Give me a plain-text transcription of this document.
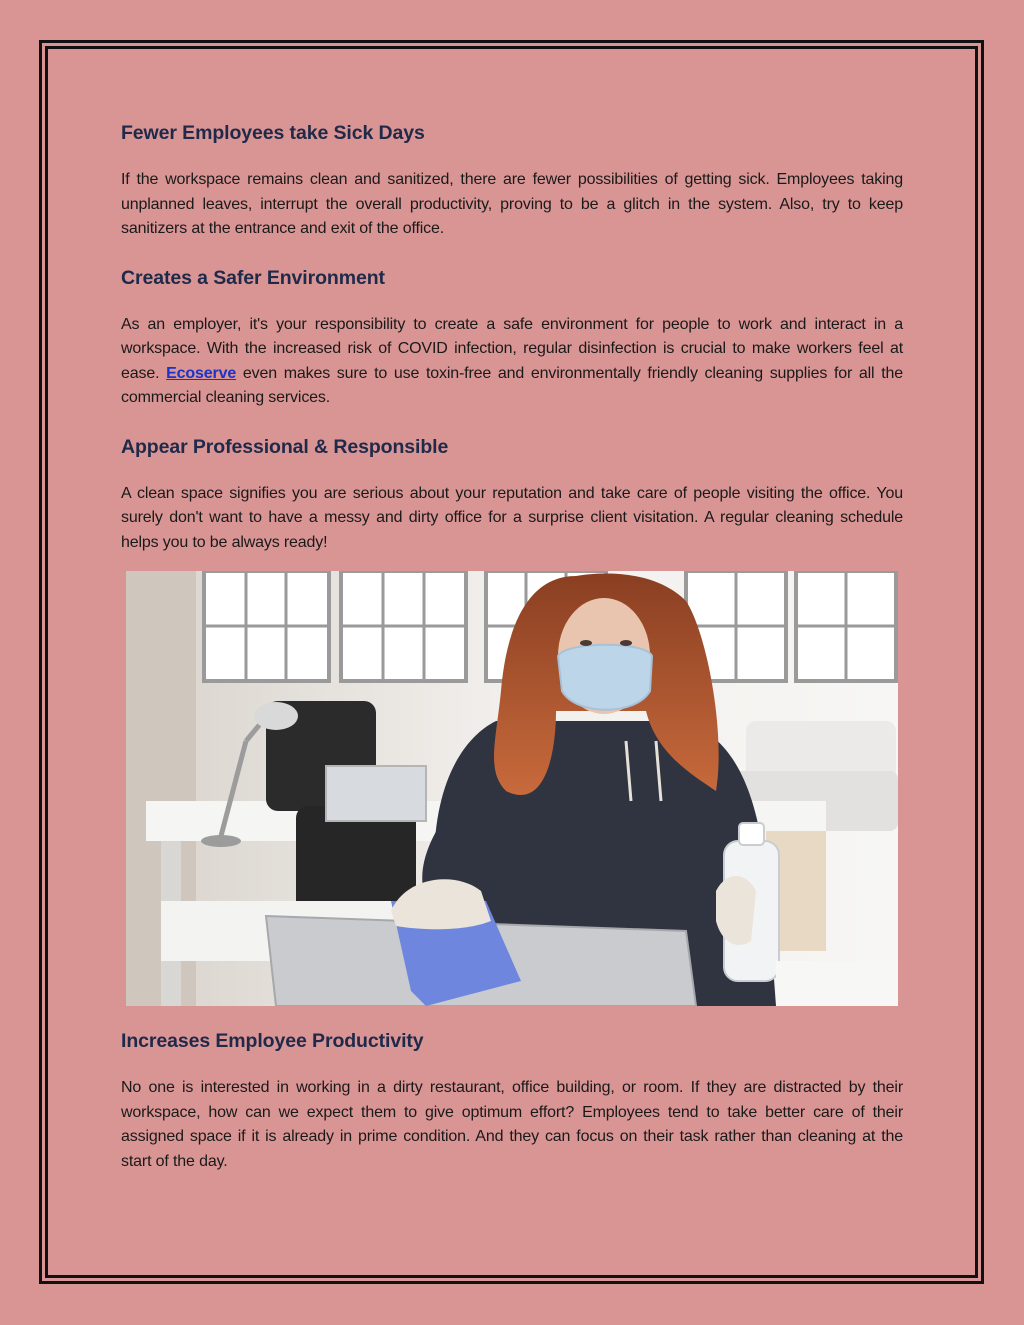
Fewer Employees take Sick Days

If the workspace remains clean and sanitized, there are fewer possibilities of getting sick. Employees taking unplanned leaves, interrupt the overall productivity, proving to be a glitch in the system. Also, try to keep sanitizers at the entrance and exit of the office.

Creates a Safer Environment

As an employer, it's your responsibility to create a safe environment for people to work and interact in a workspace. With the increased risk of COVID infection, regular disinfection is crucial to make workers feel at ease. Ecoserve even makes sure to use toxin-free and environmentally friendly cleaning supplies for all the commercial cleaning services.

Appear Professional & Responsible

A clean space signifies you are serious about your reputation and take care of people visiting the office. You surely don't want to have a messy and dirty office for a surprise client visitation. A regular cleaning schedule helps you to be always ready!

Increases Employee Productivity

No one is interested in working in a dirty restaurant, office building, or room. If they are distracted by their workspace, how can we expect them to give optimum effort? Employees tend to take better care of their assigned space if it is already in prime condition. And they can focus on their task rather than cleaning at the start of the day.
